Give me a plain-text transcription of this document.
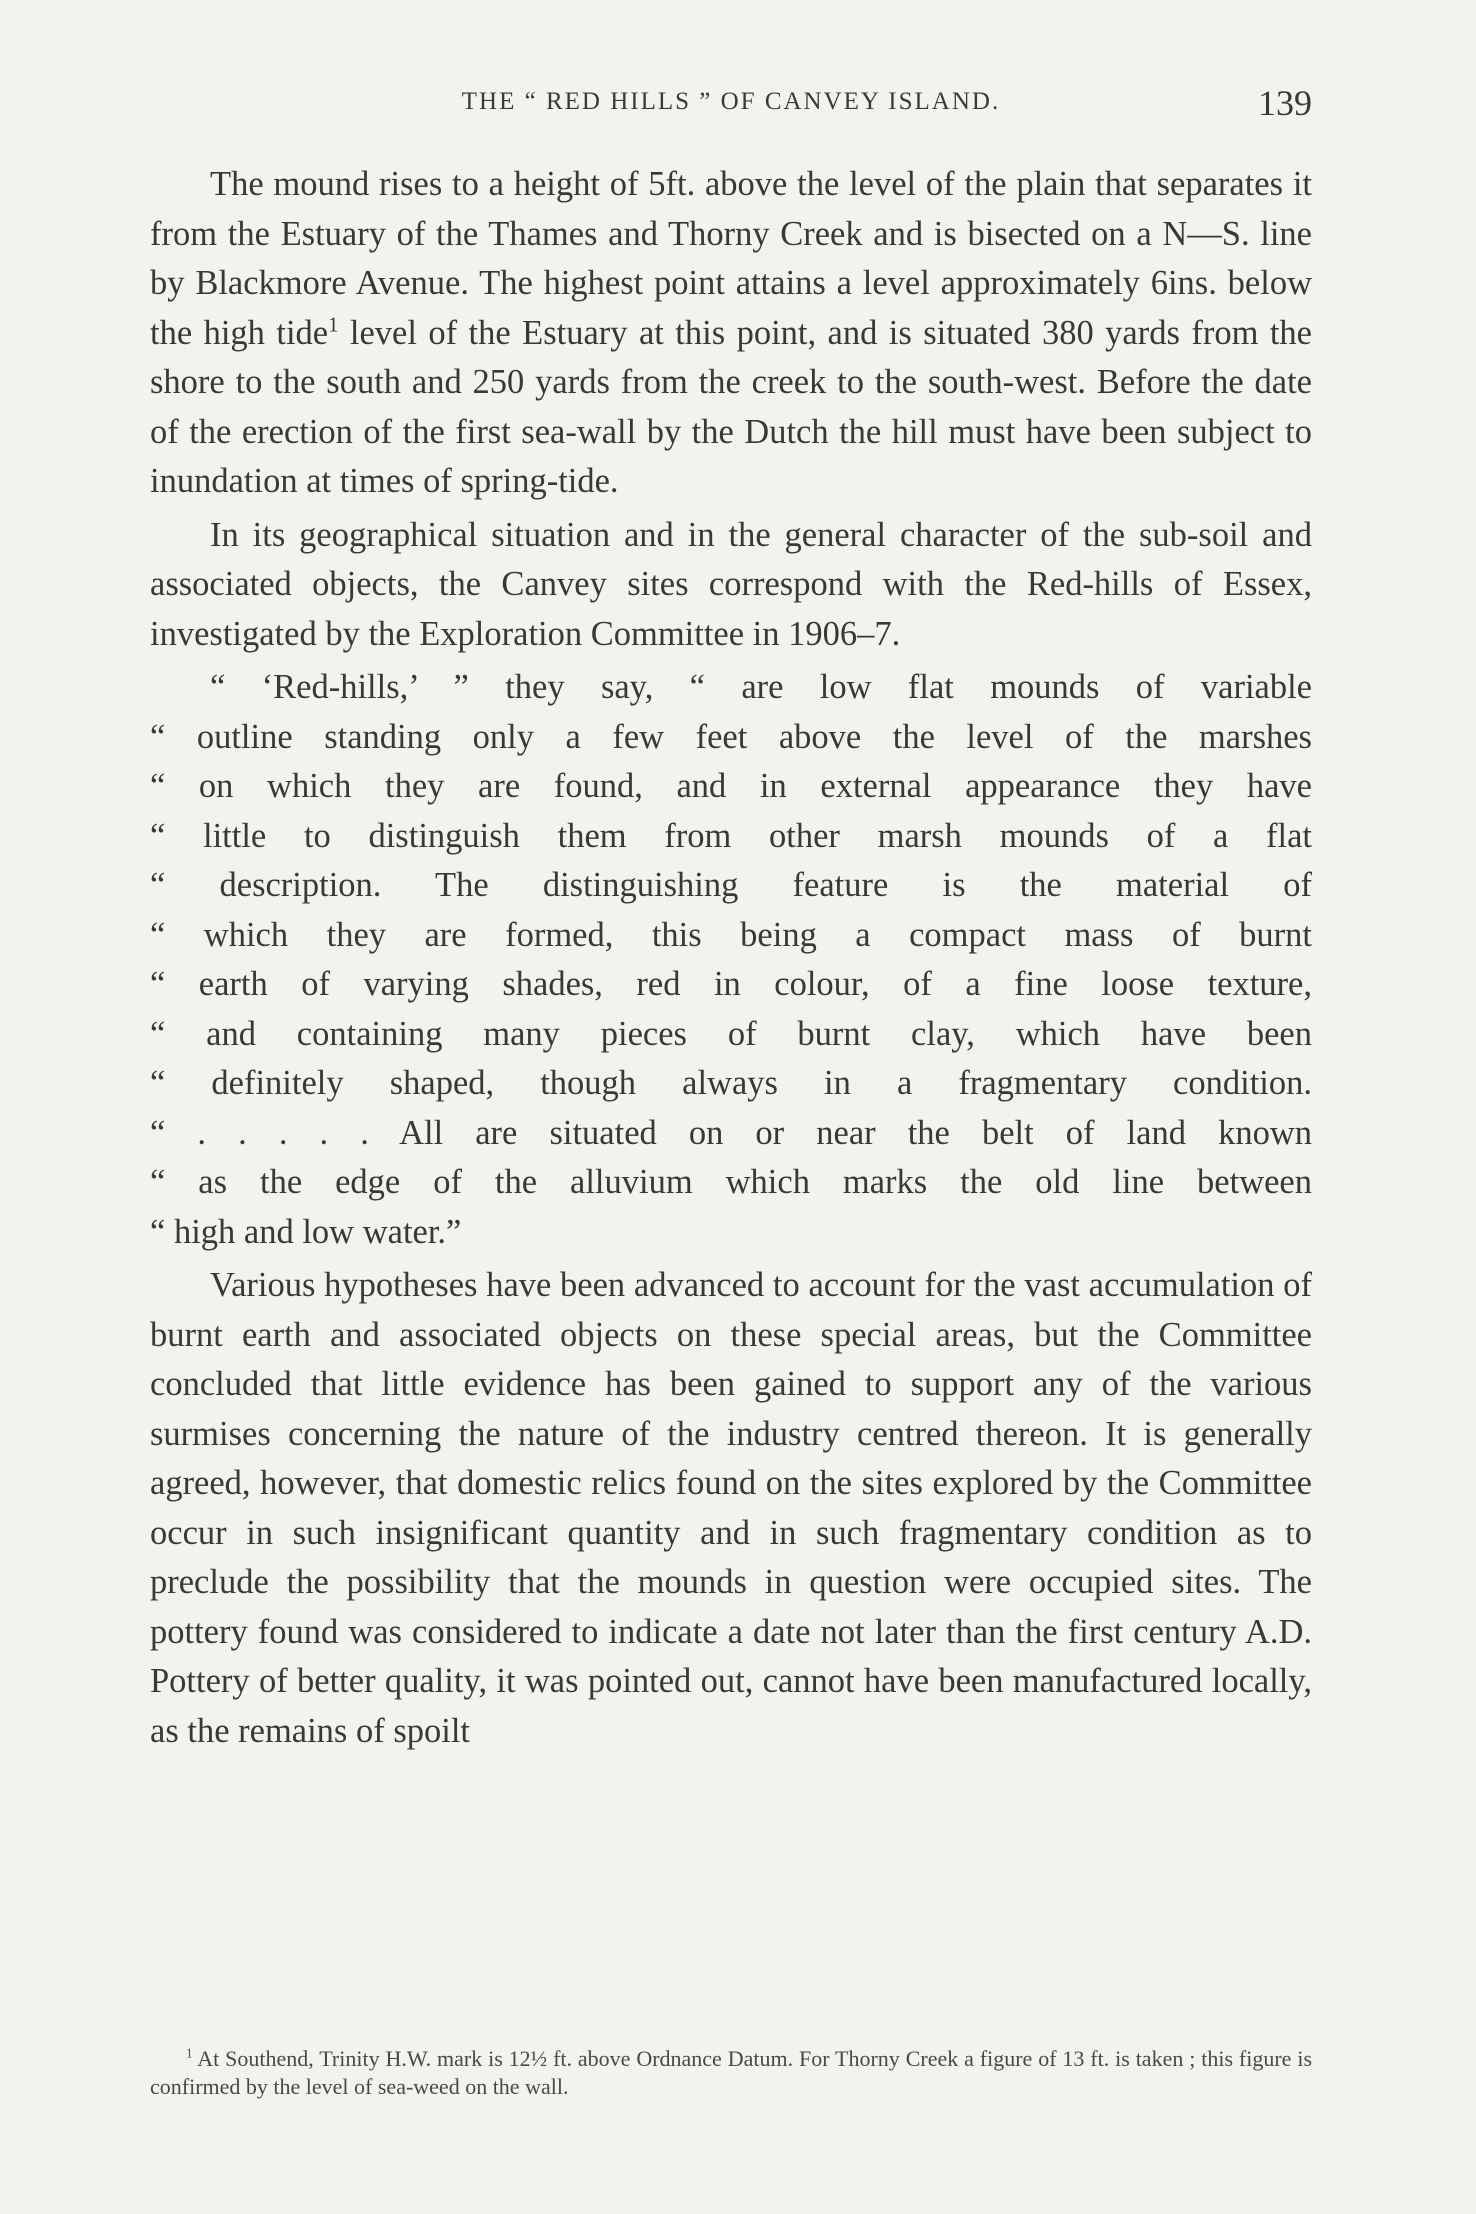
THE “ RED HILLS ” OF CANVEY ISLAND.	139

The mound rises to a height of 5ft. above the level of the plain that separates it from the Estuary of the Thames and Thorny Creek and is bisected on a N—S. line by Blackmore Avenue. The highest point attains a level approximately 6ins. below the high tide$^1$ level of the Estuary at this point, and is situated 380 yards from the shore to the south and 250 yards from the creek to the south-west. Before the date of the erection of the first sea-wall by the Dutch the hill must have been subject to inundation at times of spring-tide.

In its geographical situation and in the general character of the sub-soil and associated objects, the Canvey sites correspond with the Red-hills of Essex, investigated by the Exploration Committee in 1906–7.

“ ‘Red-hills,’ ” they say, “ are low flat mounds of variable
“ outline standing only a few feet above the level of the marshes
“ on which they are found, and in external appearance they have
“ little to distinguish them from other marsh mounds of a flat
“ description. The distinguishing feature is the material of
“ which they are formed, this being a compact mass of burnt
“ earth of varying shades, red in colour, of a fine loose texture,
“ and containing many pieces of burnt clay, which have been
“ definitely shaped, though always in a fragmentary condition.
“ . . . . . All are situated on or near the belt of land known
“ as the edge of the alluvium which marks the old line between
“ high and low water.”

Various hypotheses have been advanced to account for the vast accumulation of burnt earth and associated objects on these special areas, but the Committee concluded that little evidence has been gained to support any of the various surmises concerning the nature of the industry centred thereon. It is generally agreed, however, that domestic relics found on the sites explored by the Committee occur in such insignificant quantity and in such fragmentary condition as to preclude the possibility that the mounds in question were occupied sites. The pottery found was considered to indicate a date not later than the first century A.D. Pottery of better quality, it was pointed out, cannot have been manufactured locally, as the remains of spoilt

$^1$ At Southend, Trinity H.W. mark is 12½ ft. above Ordnance Datum. For Thorny Creek a figure of 13 ft. is taken ; this figure is confirmed by the level of sea-weed on the wall.
